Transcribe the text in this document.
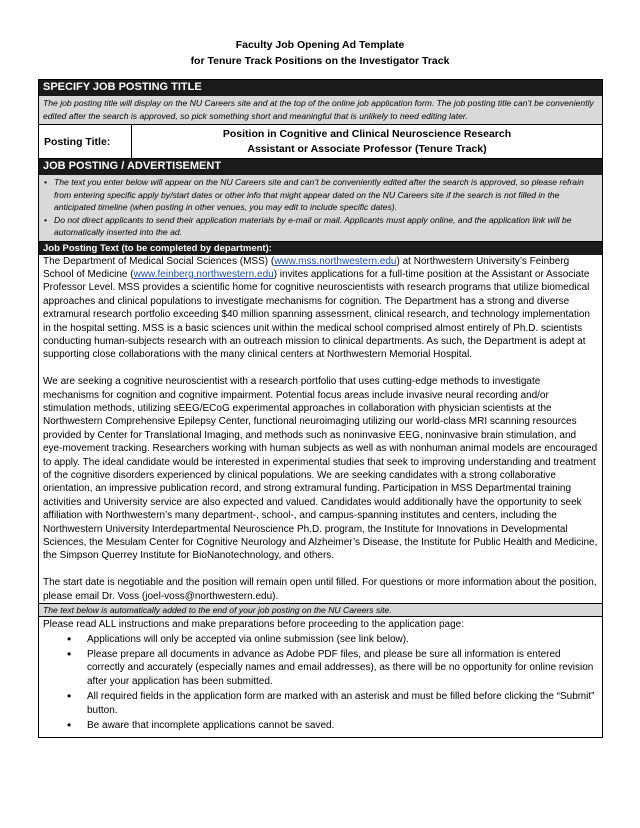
Faculty Job Opening Ad Template
for Tenure Track Positions on the Investigator Track
SPECIFY JOB POSTING TITLE
The job posting title will display on the NU Careers site and at the top of the online job application form. The job posting title can’t be conveniently edited after the search is approved, so pick something short and meaningful that is unlikely to need editing later.
Posting Title:
Position in Cognitive and Clinical Neuroscience Research
Assistant or Associate Professor (Tenure Track)
JOB POSTING / ADVERTISEMENT
• The text you enter below will appear on the NU Careers site and can’t be conveniently edited after the search is approved, so please refrain from entering specific apply by/start dates or other info that might appear dated on the NU Careers site if the search is not filled in the anticipated timeline (when posting in other venues, you may edit to include specific dates).
• Do not direct applicants to send their application materials by e-mail or mail. Applicants must apply online, and the application link will be automatically inserted into the ad.
Job Posting Text (to be completed by department):

The Department of Medical Social Sciences (MSS) (www.mss.northwestern.edu) at Northwestern University’s Feinberg School of Medicine (www.feinberg.northwestern.edu) invites applications for a full-time position at the Assistant or Associate Professor Level. MSS provides a scientific home for cognitive neuroscientists with research programs that utilize biomedical approaches and clinical populations to investigate mechanisms for cognition. The Department has a strong and diverse extramural research portfolio exceeding $40 million spanning assessment, clinical research, and technology implementation in the hospital setting. MSS is a basic sciences unit within the medical school comprised almost entirely of Ph.D. scientists conducting human-subjects research with an outreach mission to clinical departments. As such, the Department is adept at supporting close collaborations with the many clinical centers at Northwestern Memorial Hospital.

We are seeking a cognitive neuroscientist with a research portfolio that uses cutting-edge methods to investigate mechanisms for cognition and cognitive impairment. Potential focus areas include invasive neural recording and/or stimulation methods, utilizing sEEG/ECoG experimental approaches in collaboration with physician scientists at the Northwestern Comprehensive Epilepsy Center, functional neuroimaging utilizing our world-class MRI scanning resources provided by Center for Translational Imaging, and methods such as noninvasive EEG, noninvasive brain stimulation, and eye-movement tracking. Researchers working with human subjects as well as with nonhuman animal models are encouraged to apply. The ideal candidate would be interested in experimental studies that seek to improving understanding and treatment of the cognitive disorders experienced by clinical populations. We are seeking candidates with a strong collaborative orientation, an impressive publication record, and strong extramural funding. Participation in MSS Departmental training activities and University service are also expected and valued. Candidates would additionally have the opportunity to seek affiliation with Northwestern’s many department-, school-, and campus-spanning institutes and centers, including the Northwestern University Interdepartmental Neuroscience Ph.D. program, the Institute for Innovations in Developmental Sciences, the Mesulam Center for Cognitive Neurology and Alzheimer’s Disease, the Institute for Public Health and Medicine, the Simpson Querrey Institute for BioNanotechnology, and others.

The start date is negotiable and the position will remain open until filled. For questions or more information about the position, please email Dr. Voss (joel-voss@northwestern.edu).

The text below is automatically added to the end of your job posting on the NU Careers site.
Please read ALL instructions and make preparations before proceeding to the application page:
• Applications will only be accepted via online submission (see link below).
• Please prepare all documents in advance as Adobe PDF files, and please be sure all information is entered correctly and accurately (especially names and email addresses), as there will be no opportunity for online revision after your application has been submitted.
• All required fields in the application form are marked with an asterisk and must be filled before clicking the “Submit” button.
• Be aware that incomplete applications cannot be saved.
